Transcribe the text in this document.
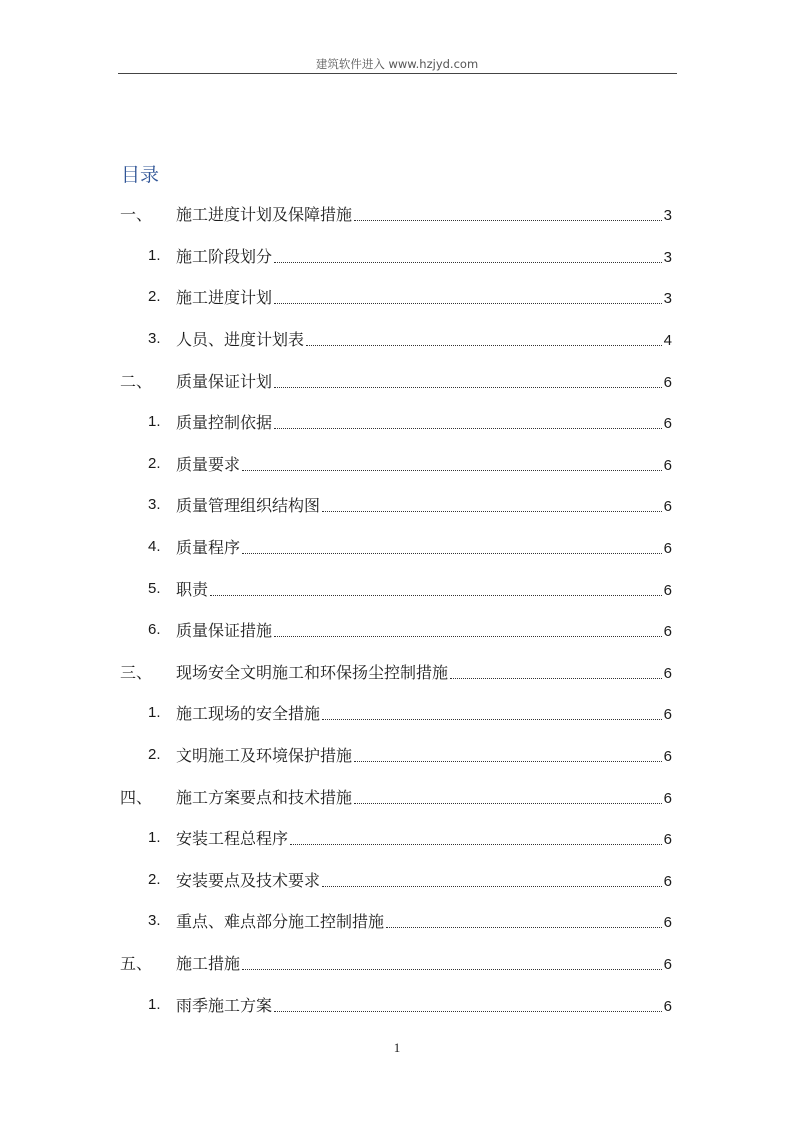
建筑软件进入 www.hzjyd.com
目录
一、 施工进度计划及保障措施	3
1. 施工阶段划分	3
2. 施工进度计划	3
3. 人员、进度计划表	4
二、 质量保证计划	6
1. 质量控制依据	6
2. 质量要求	6
3. 质量管理组织结构图	6
4. 质量程序	6
5. 职责	6
6. 质量保证措施	6
三、 现场安全文明施工和环保扬尘控制措施	6
1. 施工现场的安全措施	6
2. 文明施工及环境保护措施	6
四、 施工方案要点和技术措施	6
1. 安装工程总程序	6
2. 安装要点及技术要求	6
3. 重点、难点部分施工控制措施	6
五、 施工措施	6
1. 雨季施工方案	6
1
